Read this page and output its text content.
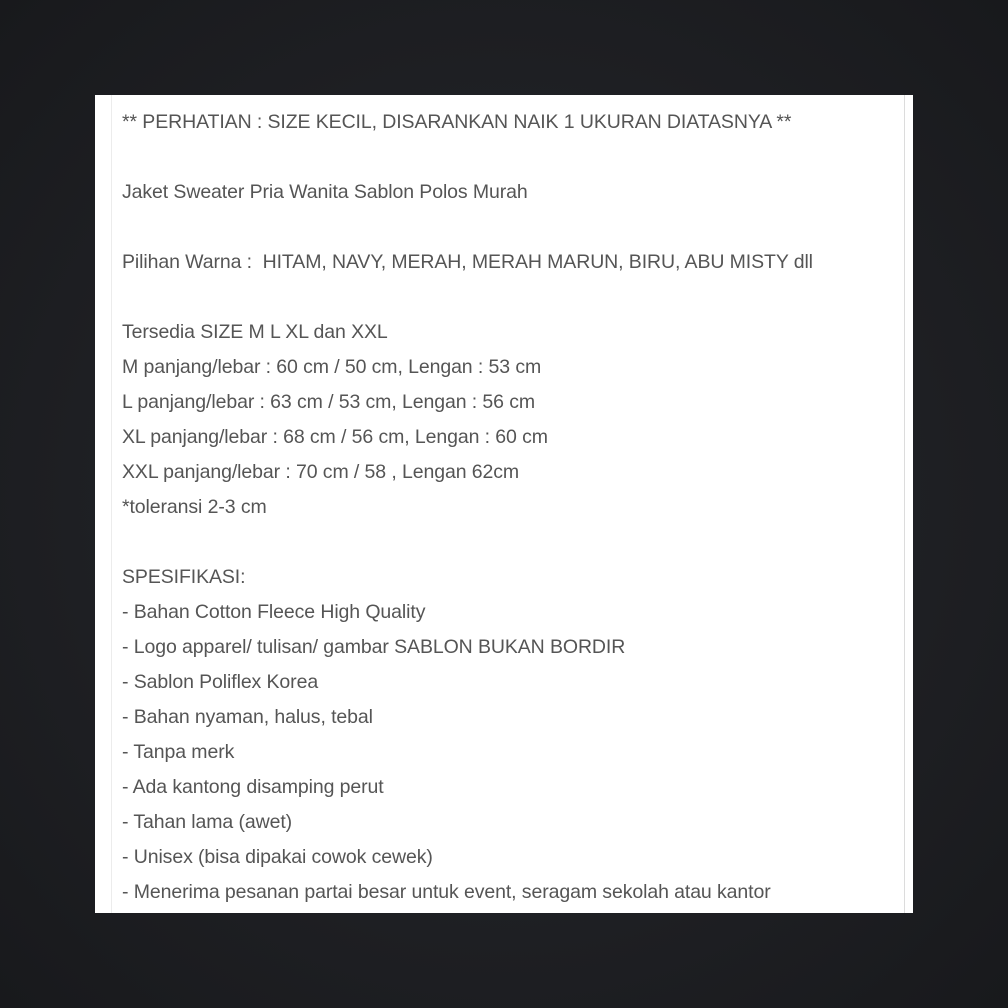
** PERHATIAN : SIZE KECIL, DISARANKAN NAIK 1 UKURAN DIATASNYA **
Jaket Sweater Pria Wanita Sablon Polos Murah
Pilihan Warna :  HITAM, NAVY, MERAH, MERAH MARUN, BIRU, ABU MISTY dll
Tersedia SIZE M L XL dan XXL
M panjang/lebar : 60 cm / 50 cm, Lengan : 53 cm
L panjang/lebar : 63 cm / 53 cm, Lengan : 56 cm
XL panjang/lebar : 68 cm / 56 cm, Lengan : 60 cm
XXL panjang/lebar : 70 cm / 58 , Lengan 62cm
*toleransi 2-3 cm
SPESIFIKASI:
- Bahan Cotton Fleece High Quality
- Logo apparel/ tulisan/ gambar SABLON BUKAN BORDIR
- Sablon Poliflex Korea
- Bahan nyaman, halus, tebal
- Tanpa merk
- Ada kantong disamping perut
- Tahan lama (awet)
- Unisex (bisa dipakai cowok cewek)
- Menerima pesanan partai besar untuk event, seragam sekolah atau kantor
